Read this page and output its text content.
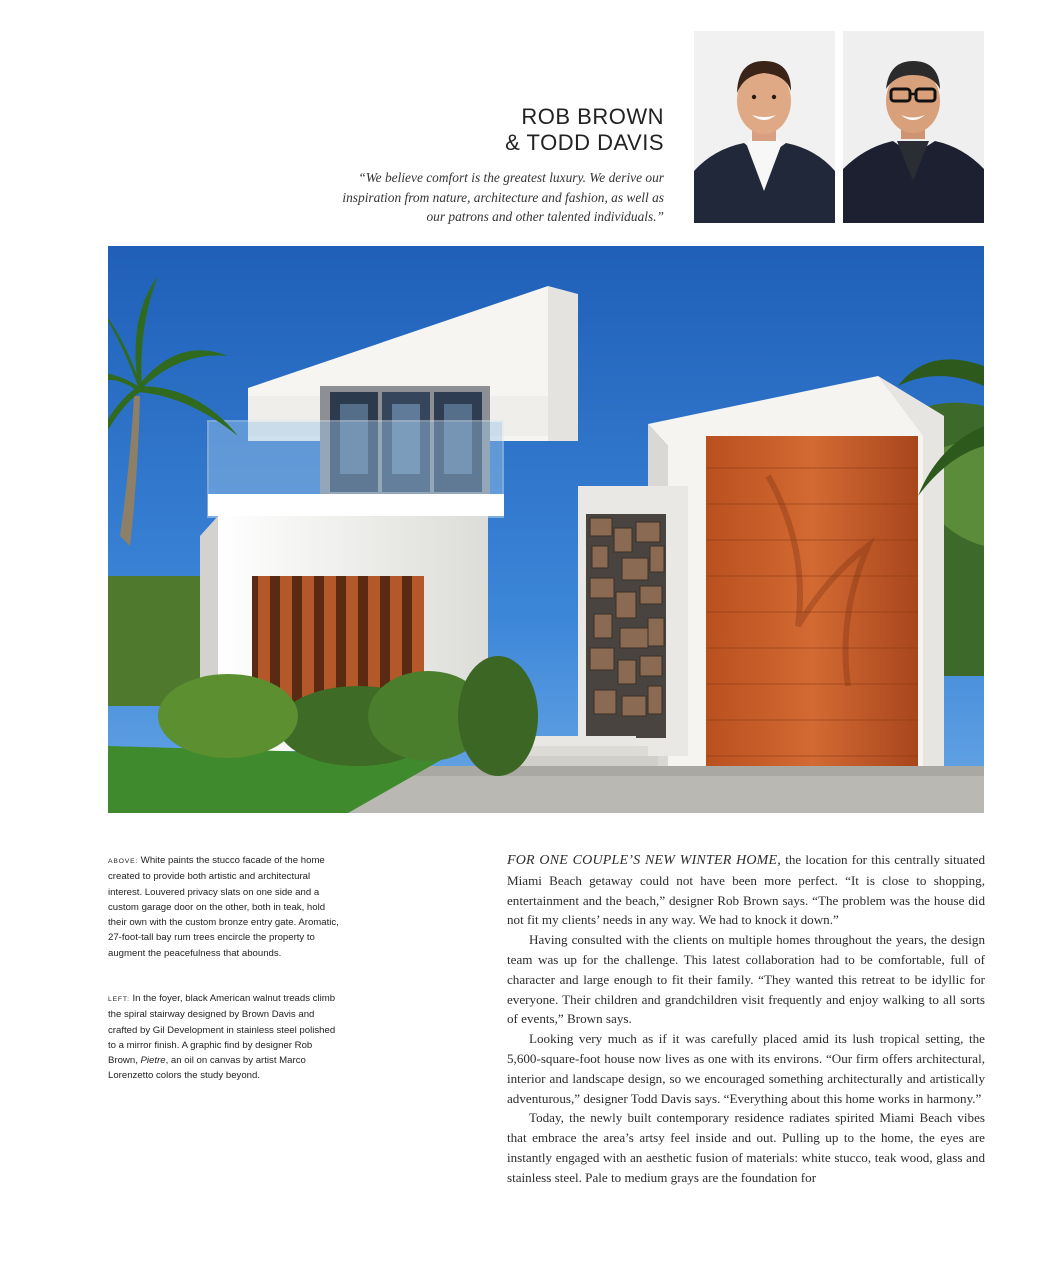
ROB BROWN
& TODD DAVIS
“We believe comfort is the greatest luxury. We derive our inspiration from nature, architecture and fashion, as well as our patrons and other talented individuals.”
ABOVE: White paints the stucco facade of the home created to provide both artistic and architectural interest. Louvered privacy slats on one side and a custom garage door on the other, both in teak, hold their own with the custom bronze entry gate. Aromatic, 27-foot-tall bay rum trees encircle the property to augment the peacefulness that abounds.
LEFT: In the foyer, black American walnut treads climb the spiral stairway designed by Brown Davis and crafted by Gil Development in stainless steel polished to a mirror finish. A graphic find by designer Rob Brown, Pietre, an oil on canvas by artist Marco Lorenzetto colors the study beyond.

FOR ONE COUPLE’S NEW WINTER HOME, the location for this centrally situated Miami Beach getaway could not have been more perfect. “It is close to shopping, entertainment and the beach,” designer Rob Brown says. “The problem was the house did not fit my clients’ needs in any way. We had to knock it down.”

Having consulted with the clients on multiple homes throughout the years, the design team was up for the challenge. This latest collaboration had to be comfortable, full of character and large enough to fit their family. “They wanted this retreat to be idyllic for everyone. Their children and grandchildren visit frequently and enjoy walking to all sorts of events,” Brown says.

Looking very much as if it was carefully placed amid its lush tropical setting, the 5,600-square-foot house now lives as one with its environs. “Our firm offers architectural, interior and landscape design, so we encouraged something architecturally and artistically adventurous,” designer Todd Davis says. “Everything about this home works in harmony.”

Today, the newly built contemporary residence radiates spirited Miami Beach vibes that embrace the area’s artsy feel inside and out. Pulling up to the home, the eyes are instantly engaged with an aesthetic fusion of materials: white stucco, teak wood, glass and stainless steel. Pale to medium grays are the foundation for
